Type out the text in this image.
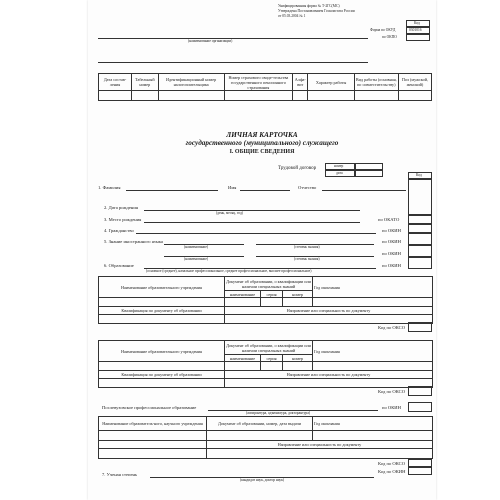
Унифицированная форма № Т-2ГС(МС)
Утверждена Постановлением Госкомстата России
от 05.03.2004 № 1
Код
0301016
Форма по ОКУД
по ОКПО
(наименование организации)
Дата состав-ления	Табельный номер	Идентификационный номер налогоплательщика	Номер страхового свиде-тельства государственного пенсионного страхования	Алфа-вит	Характер работы	Вид работы (основная, по совместительству)	Пол (мужской, женский)

ЛИЧНАЯ КАРТОЧКА
государственного (муниципального) служащего
I. ОБЩИЕ СВЕДЕНИЯ
Трудовой договор	номер
дата	Код
1. Фамилия	Имя	Отчество
2. Дата рождения
(день, месяц, год)
3. Место рождения	по ОКАТО
4. Гражданство	по ОКИН
5. Знание иностранного языка
(наименование)	(степень знания)
по ОКИН
(наименование)	(степень знания)
по ОКИН
6. Образование
(основное (среднее), начальное профессиональное, среднее профессиональное, высшее профессиональное)
по ОКИН
Наименование образовательного учреждения	Документ об образовании, о квалификации или наличии специальных знаний			Год окончания
	наименование	серия	номер	

Квалификация по документу об образовании	Направление или специальность по документу			

Код по ОКСО
Наименование образовательного учреждения	Документ об образовании, о квалификации или наличии специальных знаний			Год окончания
	наименование	серия	номер	

Квалификация по документу об образовании	Направление или специальность по документу			

Код по ОКСО
Послевузовское профессиональное образование
(аспирантура, адъюнктура, докторантура)
по ОКИН
Наименование образователь-ного, научного учреждения	Документ об образовании, номер, дата выдачи	Год окончания

	Направление или специальность по документу	

Код по ОКСО
Код по ОКИН
7. Ученая степень
(кандидат наук, доктор наук)
